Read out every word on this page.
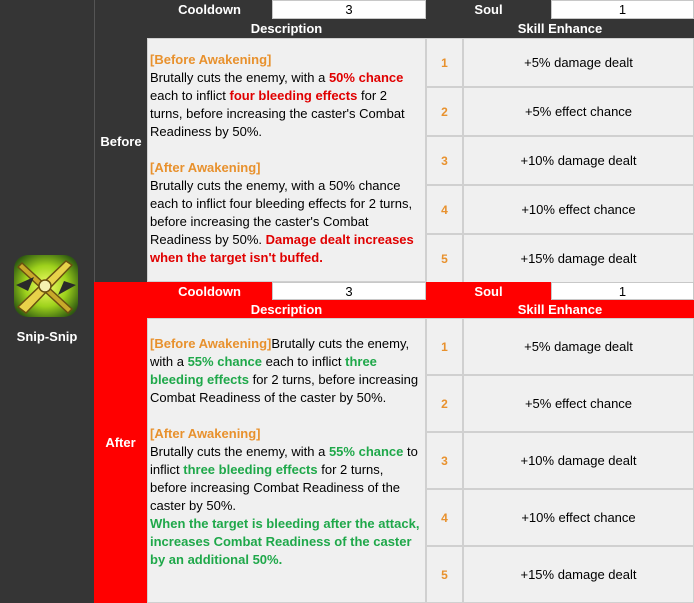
Snip-Snip
Before
After
Cooldown	3	Soul	1
Description	Skill Enhance

[Before Awakening]
Brutally cuts the enemy, with a 50% chance each to inflict four bleeding effects for 2 turns, before increasing the caster's Combat Readiness by 50%.

[After Awakening]
Brutally cuts the enemy, with a 50% chance each to inflict four bleeding effects for 2 turns, before increasing the caster's Combat Readiness by 50%. Damage dealt increases when the target isn't buffed.

1	+5% damage dealt
2	+5% effect chance
3	+10% damage dealt
4	+10% effect chance
5	+15% damage dealt
Cooldown	3	Soul	1
Description	Skill Enhance

[Before Awakening]Brutally cuts the enemy, with a 55% chance each to inflict three bleeding effects for 2 turns, before increasing Combat Readiness of the caster by 50%.

[After Awakening]
Brutally cuts the enemy, with a 55% chance to inflict three bleeding effects for 2 turns, before increasing Combat Readiness of the caster by 50%.
When the target is bleeding after the attack, increases Combat Readiness of the caster by an additional 50%.

1	+5% damage dealt
2	+5% effect chance
3	+10% damage dealt
4	+10% effect chance
5	+15% damage dealt
